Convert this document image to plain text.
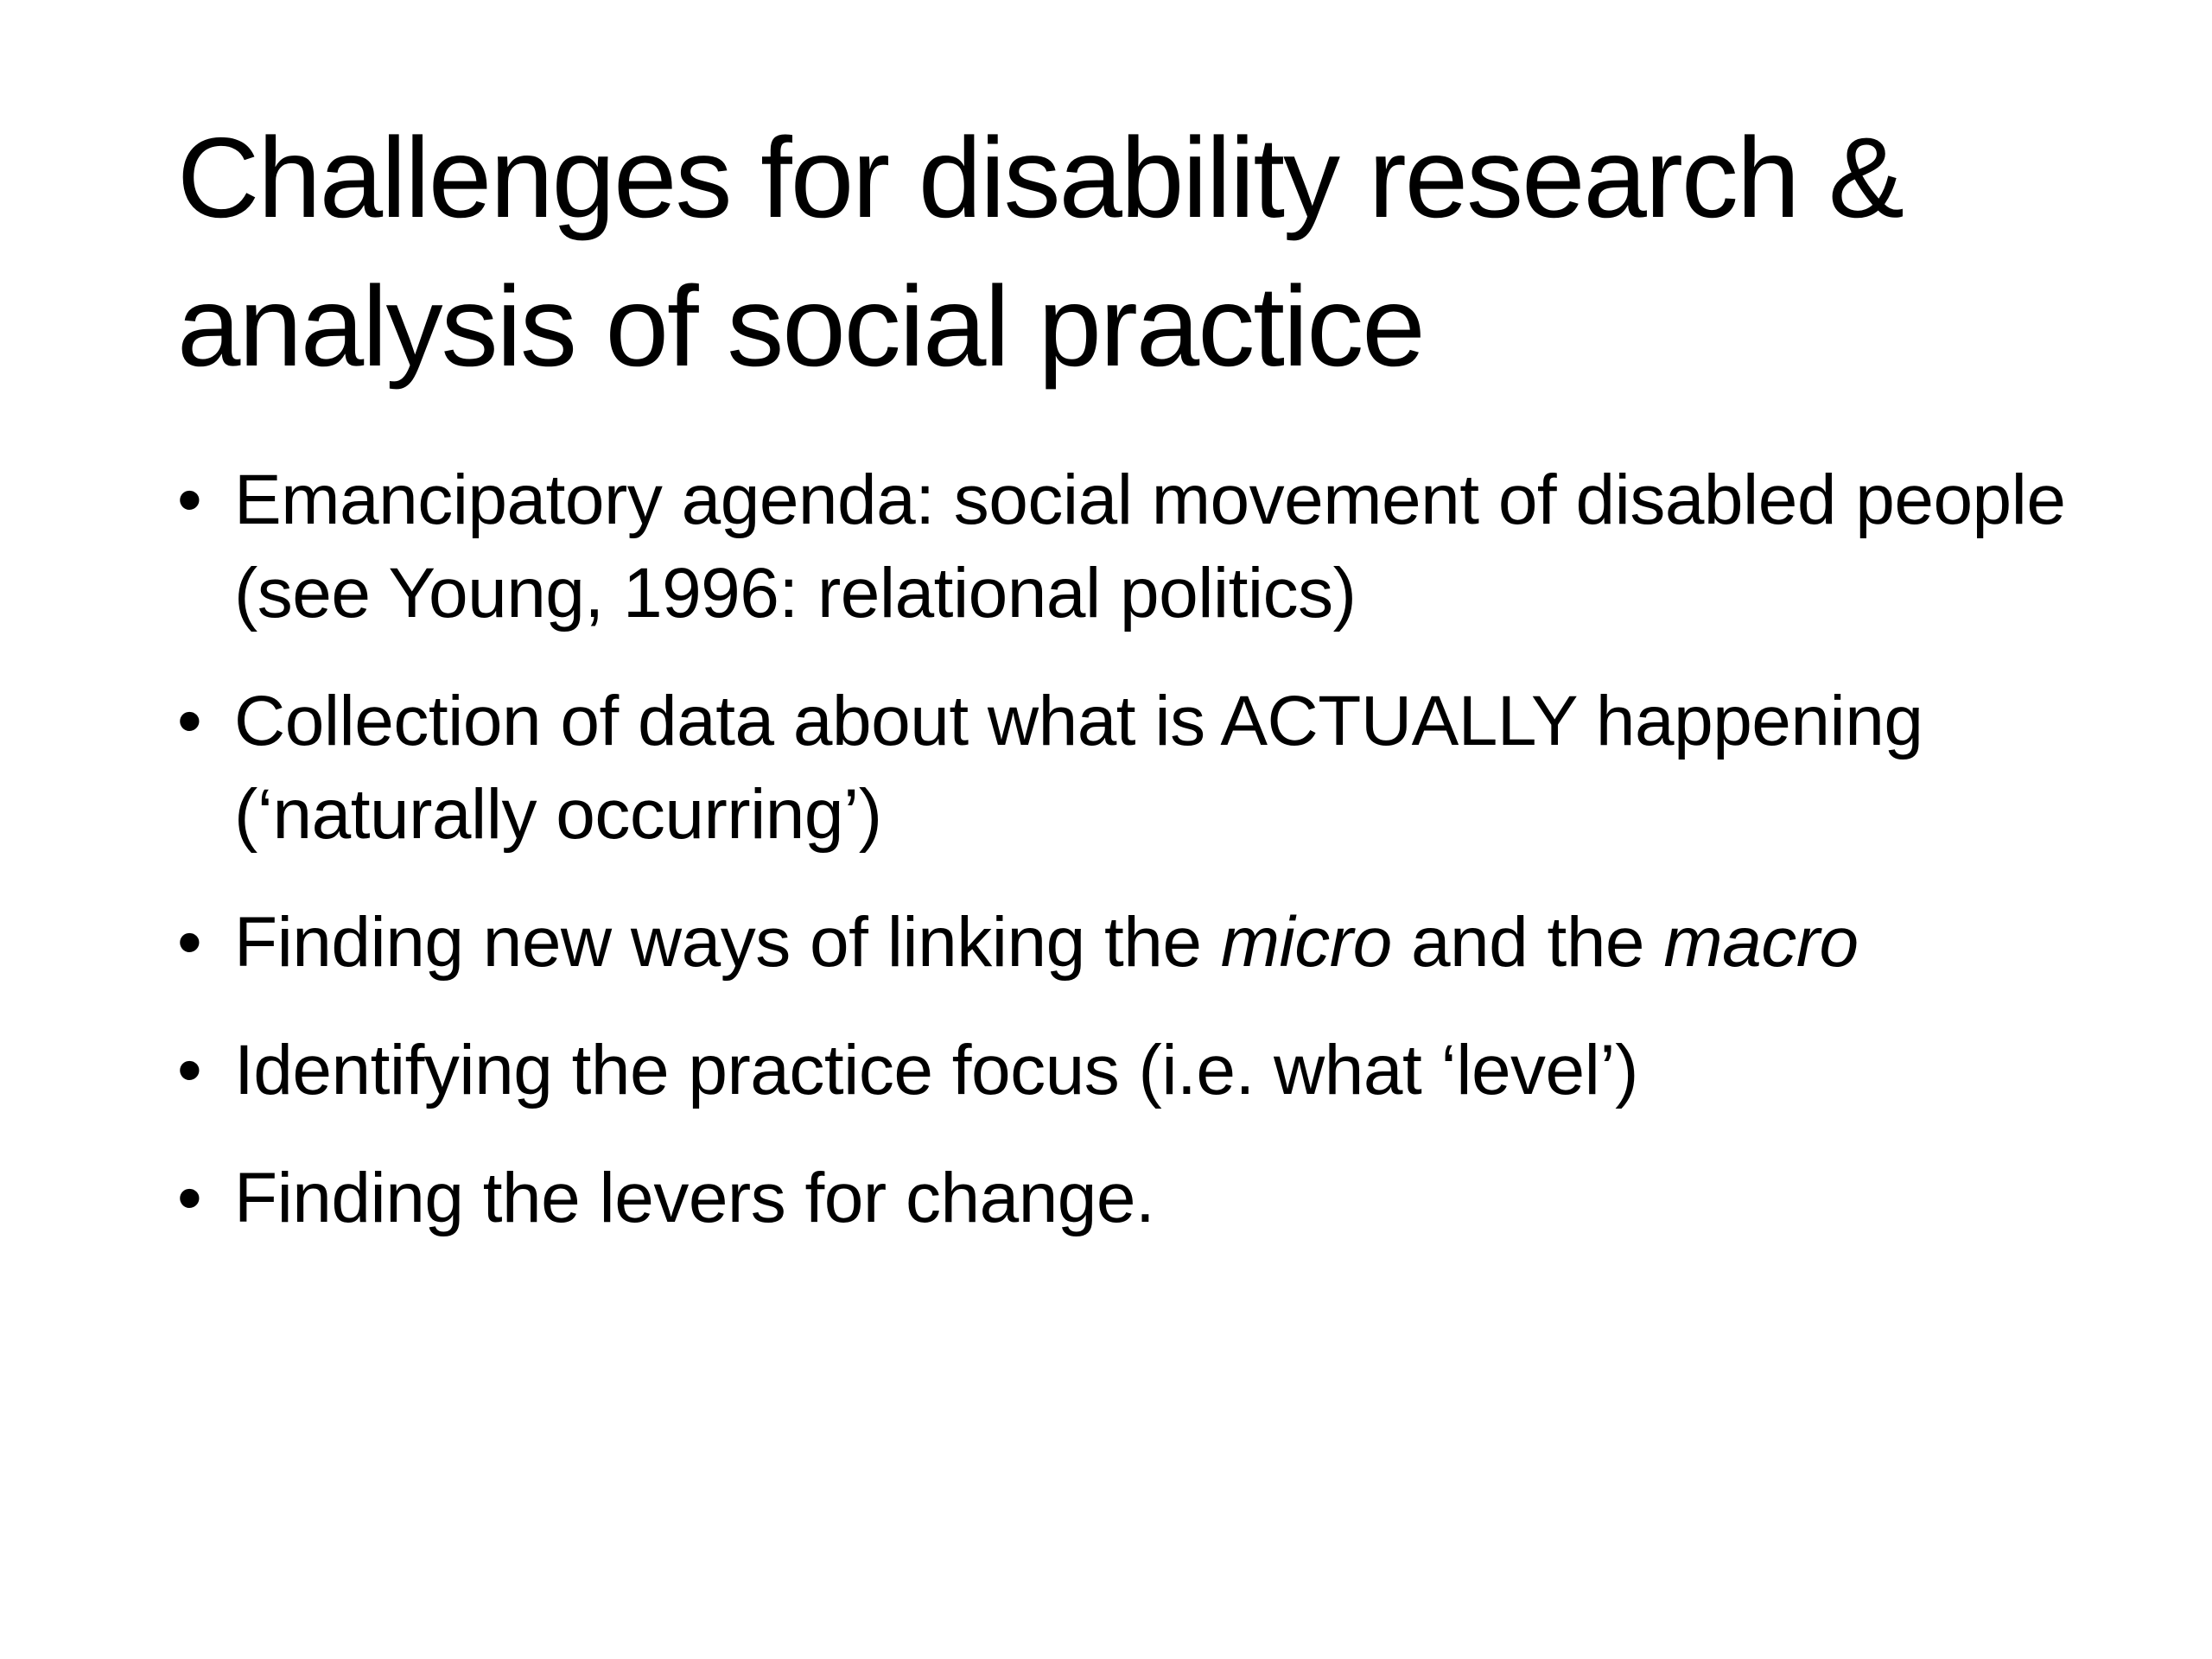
Challenges for disability research & analysis of social practice
• Emancipatory agenda: social movement of disabled people (see Young, 1996: relational politics)
• Collection of data about what is ACTUALLY happening (‘naturally occurring’)
• Finding new ways of linking the micro and the macro
• Identifying the practice focus (i.e. what ‘level’)
• Finding the levers for change.
